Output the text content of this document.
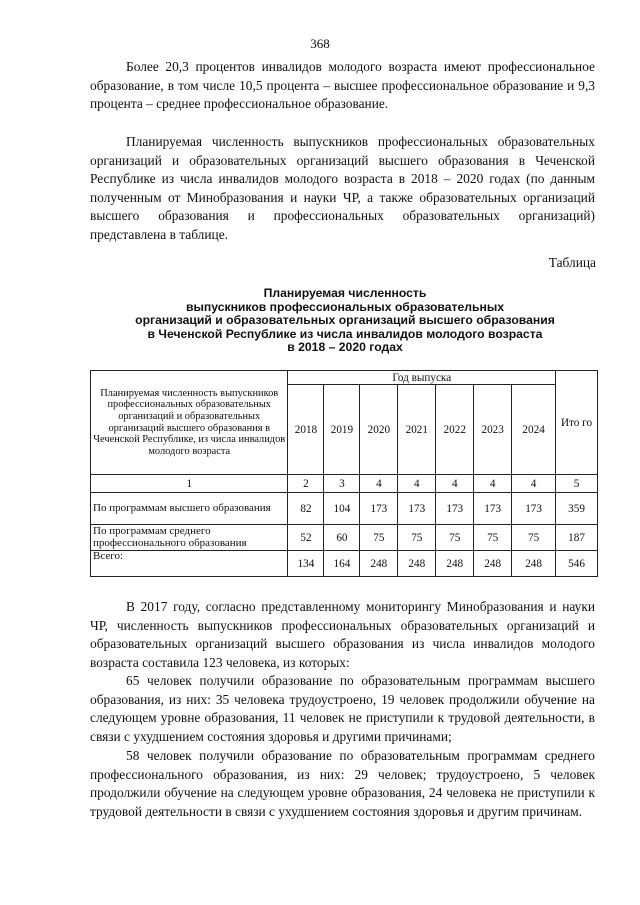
368

Более 20,3 процентов инвалидов молодого возраста имеют профессиональное образование, в том числе 10,5 процента – высшее профессиональное образование и 9,3 процента – среднее профессиональное образование.

Планируемая численность выпускников профессиональных образовательных организаций и образовательных организаций высшего образования в Чеченской Республике из числа инвалидов молодого возраста в 2018 – 2020 годах (по данным полученным от Минобразования и науки ЧР, а также образовательных организаций высшего образования и профессиональных образовательных организаций) представлена в таблице.

Таблица
Планируемая численность
выпускников профессиональных образовательных
организаций и образовательных организаций высшего образования
в Чеченской Республике из числа инвалидов молодого возраста
в 2018 – 2020 годах
Планируемая численность выпускников профессиональных образовательных организаций и образовательных организаций высшего образования в Чеченской Республике, из числа инвалидов молодого возраста	Год выпуска							Ито го
	2018	2019	2020	2021	2022	2023	2024	
1	2	3	4	4	4	4	4	5
По программам высшего образования	82	104	173	173	173	173	173	359
По программам среднего профессионального образования	52	60	75	75	75	75	75	187
Всего:	134	164	248	248	248	248	248	546

В 2017 году, согласно представленному мониторингу Минобразования и науки ЧР, численность выпускников профессиональных образовательных организаций и образовательных организаций высшего образования из числа инвалидов молодого возраста составила 123 человека, из которых:

65 человек получили образование по образовательным программам высшего образования, из них: 35 человека трудоустроено, 19 человек продолжили обучение на следующем уровне образования, 11 человек не приступили к трудовой деятельности, в связи с ухудшением состояния здоровья и другими причинами;

58 человек получили образование по образовательным программам среднего профессионального образования, из них: 29 человек; трудоустроено, 5 человек продолжили обучение на следующем уровне образования, 24 человека не приступили к трудовой деятельности в связи с ухудшением состояния здоровья и другим причинам.
